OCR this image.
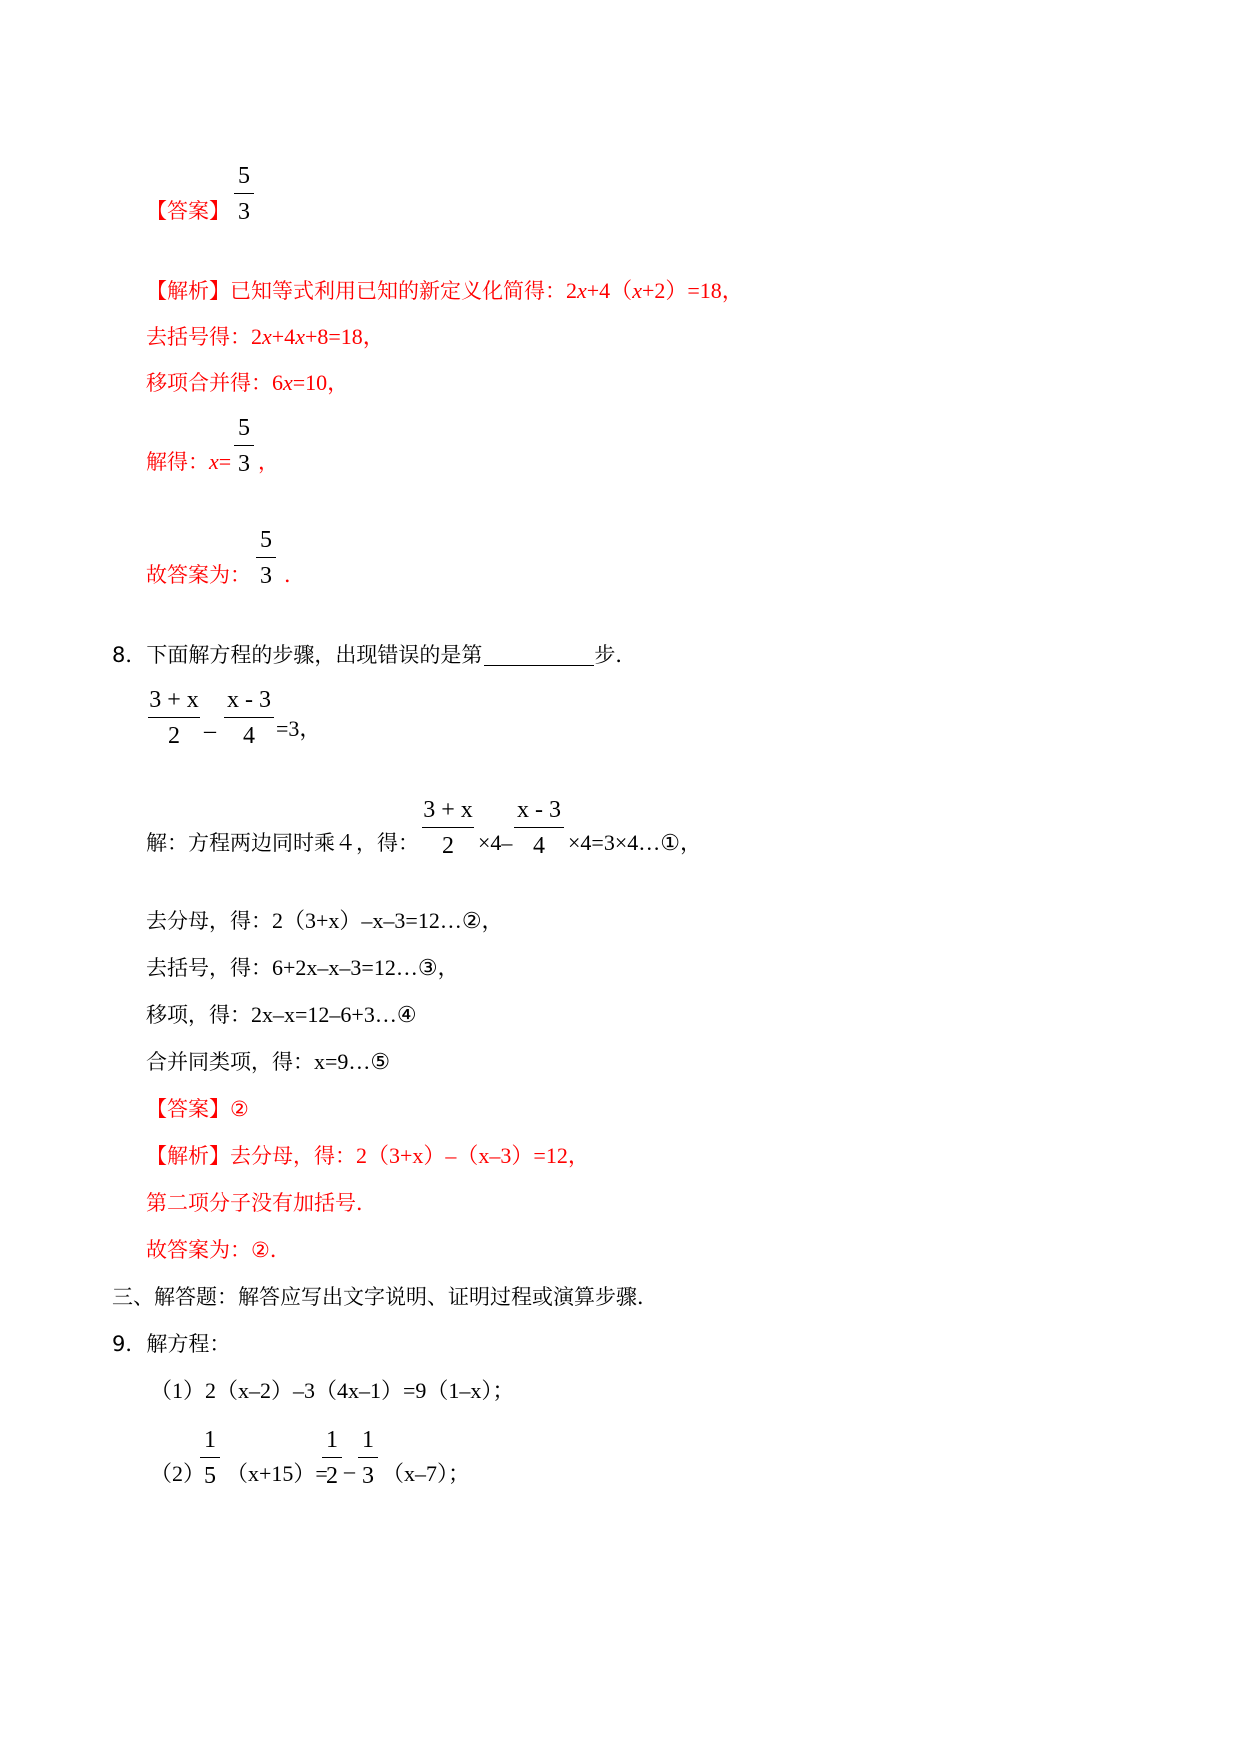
【答案】
5
3
【解析】已知等式利用已知的新定义化简得：2x+4（x+2）=18，
去括号得：2x+4x+8=18，
移项合并得：6x=10，
解得：x=
5
3 ，
故答案为：
5
3 ．
8．下面解方程的步骤，出现错误的是第	步．
3 + x
2	–
x - 3
4 =3，
解：方程两边同时乘４，得：
3 + x
2	×4–
x - 3
4	×4=3×4…①，
去分母，得：2（3+x）–x–3=12…②，
去括号，得：6+2x–x–3=12…③，
移项，得：2x–x=12–6+3…④
合并同类项，得：x=9…⑤
【答案】②
【解析】去分母，得：2（3+x）–（x–3）=12，
第二项分子没有加括号．
故答案为：②．
三、解答题：解答应写出文字说明、证明过程或演算步骤．
9．解方程：
（1）2（x–2）–3（4x–1）=9（1–x）；
（2）
1
5 （x+15）=
1
2 –
1
3 （x–7）；
